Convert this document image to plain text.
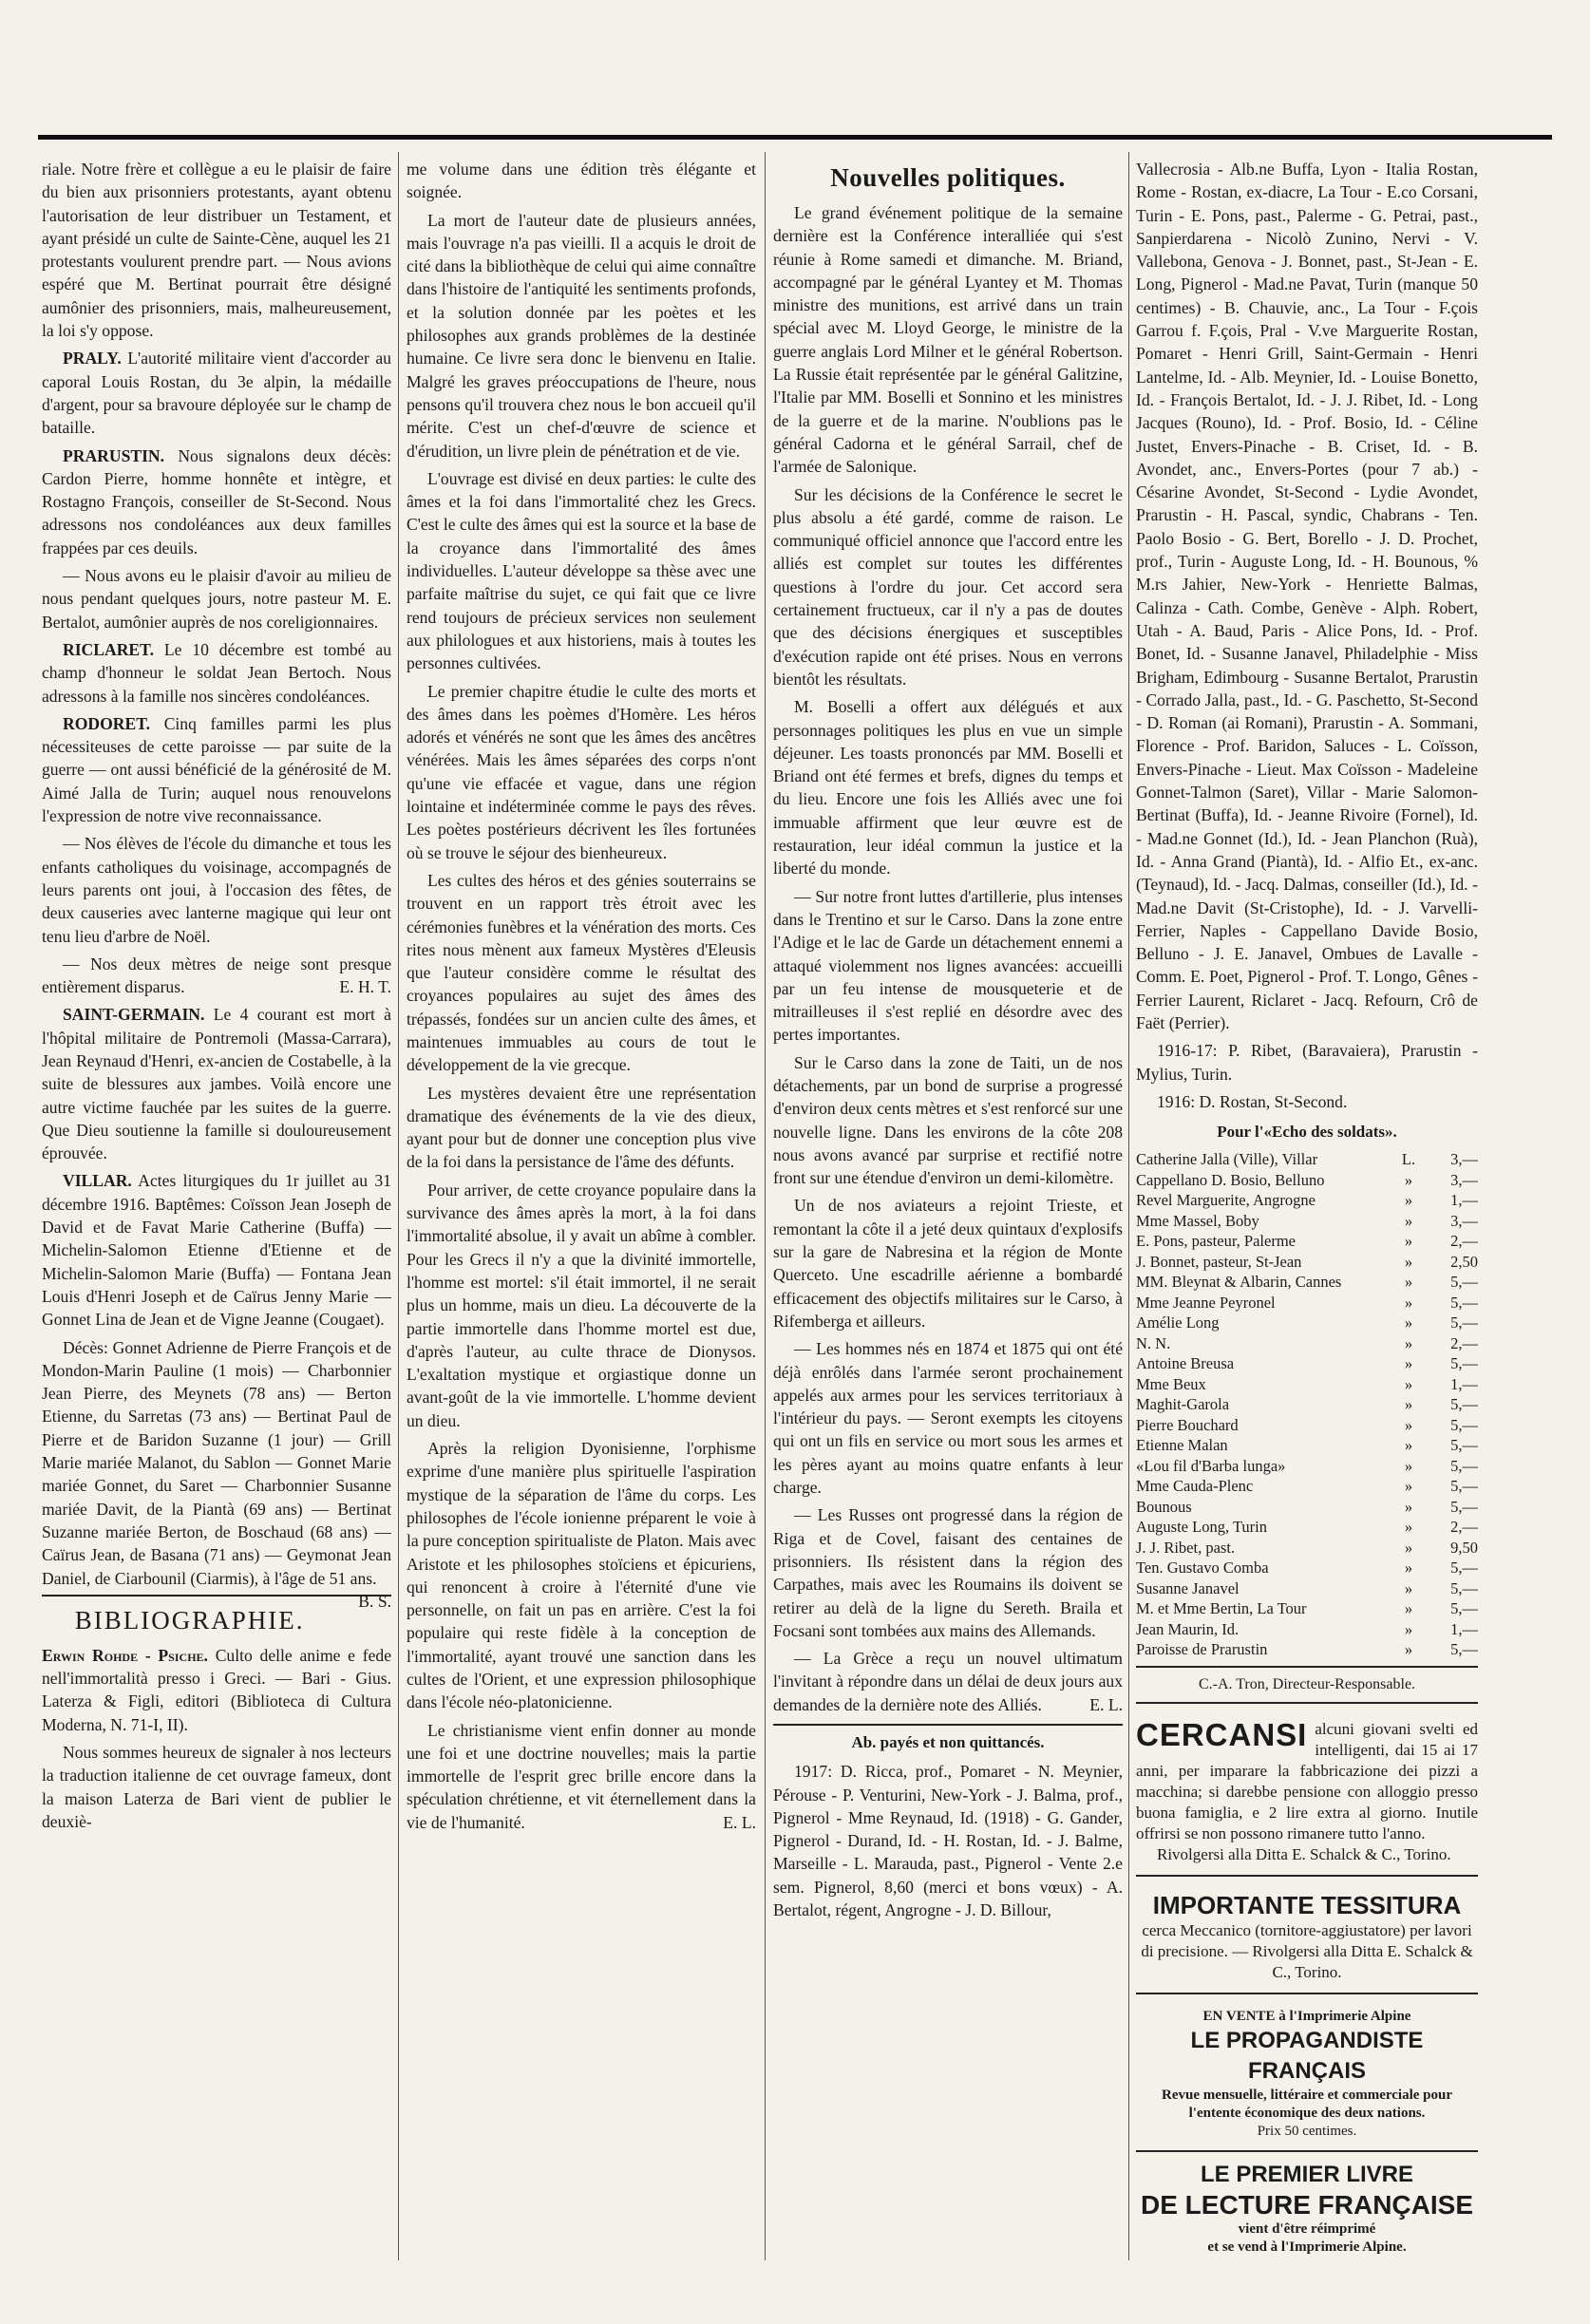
riale. Notre frère et collègue a eu le plaisir de faire du bien aux prisonniers protestants, ayant obtenu l'autorisation de leur distribuer un Testament, et ayant présidé un culte de Sainte-Cène, auquel les 21 protestants voulurent prendre part. — Nous avions espéré que M. Bertinat pourrait être désigné aumônier des prisonniers, mais, malheureusement, la loi s'y oppose.

PRALY. L'autorité militaire vient d'accorder au caporal Louis Rostan, du 3e alpin, la médaille d'argent, pour sa bravoure déployée sur le champ de bataille.

PRARUSTIN. Nous signalons deux décès: Cardon Pierre, homme honnête et intègre, et Rostagno François, conseiller de St-Second. Nous adressons nos condoléances aux deux familles frappées par ces deuils.

— Nous avons eu le plaisir d'avoir au milieu de nous pendant quelques jours, notre pasteur M. E. Bertalot, aumônier auprès de nos coreligionnaires.

RICLARET. Le 10 décembre est tombé au champ d'honneur le soldat Jean Bertoch. Nous adressons à la famille nos sincères condoléances.

RODORET. Cinq familles parmi les plus nécessiteuses de cette paroisse — par suite de la guerre — ont aussi bénéficié de la générosité de M. Aimé Jalla de Turin; auquel nous renouvelons l'expression de notre vive reconnaissance.

— Nos élèves de l'école du dimanche et tous les enfants catholiques du voisinage, accompagnés de leurs parents ont joui, à l'occasion des fêtes, de deux causeries avec lanterne magique qui leur ont tenu lieu d'arbre de Noël.

— Nos deux mètres de neige sont presque entièrement disparus.	E. H. T.

SAINT-GERMAIN. Le 4 courant est mort à l'hôpital militaire de Pontremoli (Massa-Carrara), Jean Reynaud d'Henri, ex-ancien de Costabelle, à la suite de blessures aux jambes. Voilà encore une autre victime fauchée par les suites de la guerre. Que Dieu soutienne la famille si douloureusement éprouvée.

VILLAR. Actes liturgiques du 1r juillet au 31 décembre 1916. Baptêmes: Coïsson Jean Joseph de David et de Favat Marie Catherine (Buffa) — Michelin-Salomon Etienne d'Etienne et de Michelin-Salomon Marie (Buffa) — Fontana Jean Louis d'Henri Joseph et de Caïrus Jenny Marie — Gonnet Lina de Jean et de Vigne Jeanne (Cougaet).

Décès: Gonnet Adrienne de Pierre François et de Mondon-Marin Pauline (1 mois) — Charbonnier Jean Pierre, des Meynets (78 ans) — Berton Etienne, du Sarretas (73 ans) — Bertinat Paul de Pierre et de Baridon Suzanne (1 jour) — Grill Marie mariée Malanot, du Sablon — Gonnet Marie mariée Gonnet, du Saret — Charbonnier Susanne mariée Davit, de la Piantà (69 ans) — Bertinat Suzanne mariée Berton, de Boschaud (68 ans) — Caïrus Jean, de Basana (71 ans) — Geymonat Jean Daniel, de Ciarbounil (Ciarmis), à l'âge de 51 ans.
B. S.

BIBLIOGRAPHIE.

Erwin Rohde - Psiche. Culto delle anime e fede nell'immortalità presso i Greci. — Bari - Gius. Laterza & Figli, editori (Biblioteca di Cultura Moderna, N. 71-I, II).

Nous sommes heureux de signaler à nos lecteurs la traduction italienne de cet ouvrage fameux, dont la maison Laterza de Bari vient de publier le deuxiè-

me volume dans une édition très élégante et soignée.

La mort de l'auteur date de plusieurs années, mais l'ouvrage n'a pas vieilli. Il a acquis le droit de cité dans la bibliothèque de celui qui aime connaître dans l'histoire de l'antiquité les sentiments profonds, et la solution donnée par les poètes et les philosophes aux grands problèmes de la destinée humaine. Ce livre sera donc le bienvenu en Italie. Malgré les graves préoccupations de l'heure, nous pensons qu'il trouvera chez nous le bon accueil qu'il mérite. C'est un chef-d'œuvre de science et d'érudition, un livre plein de pénétration et de vie.

L'ouvrage est divisé en deux parties: le culte des âmes et la foi dans l'immortalité chez les Grecs. C'est le culte des âmes qui est la source et la base de la croyance dans l'immortalité des âmes individuelles. L'auteur développe sa thèse avec une parfaite maîtrise du sujet, ce qui fait que ce livre rend toujours de précieux services non seulement aux philologues et aux historiens, mais à toutes les personnes cultivées.

Le premier chapitre étudie le culte des morts et des âmes dans les poèmes d'Homère. Les héros adorés et vénérés ne sont que les âmes des ancêtres vénérées. Mais les âmes séparées des corps n'ont qu'une vie effacée et vague, dans une région lointaine et indéterminée comme le pays des rêves. Les poètes postérieurs décrivent les îles fortunées où se trouve le séjour des bienheureux.

Les cultes des héros et des génies souterrains se trouvent en un rapport très étroit avec les cérémonies funèbres et la vénération des morts. Ces rites nous mènent aux fameux Mystères d'Eleusis que l'auteur considère comme le résultat des croyances populaires au sujet des âmes des trépassés, fondées sur un ancien culte des âmes, et maintenues immuables au cours de tout le développement de la vie grecque.

Les mystères devaient être une représentation dramatique des événements de la vie des dieux, ayant pour but de donner une conception plus vive de la foi dans la persistance de l'âme des défunts.

Pour arriver, de cette croyance populaire dans la survivance des âmes après la mort, à la foi dans l'immortalité absolue, il y avait un abîme à combler. Pour les Grecs il n'y a que la divinité immortelle, l'homme est mortel: s'il était immortel, il ne serait plus un homme, mais un dieu. La découverte de la partie immortelle dans l'homme mortel est due, d'après l'auteur, au culte thrace de Dionysos. L'exaltation mystique et orgiastique donne un avant-goût de la vie immortelle. L'homme devient un dieu.

Après la religion Dyonisienne, l'orphisme exprime d'une manière plus spirituelle l'aspiration mystique de la séparation de l'âme du corps. Les philosophes de l'école ionienne préparent le voie à la pure conception spiritualiste de Platon. Mais avec Aristote et les philosophes stoïciens et épicuriens, qui renoncent à croire à l'éternité d'une vie personnelle, on fait un pas en arrière. C'est la foi populaire qui reste fidèle à la conception de l'immortalité, ayant trouvé une sanction dans les cultes de l'Orient, et une expression philosophique dans l'école néo-platonicienne.

Le christianisme vient enfin donner au monde une foi et une doctrine nouvelles; mais la partie immortelle de l'esprit grec brille encore dans la spéculation chrétienne, et vit éternellement dans la vie de l'humanité.	E. L.

Nouvelles politiques.

Le grand événement politique de la semaine dernière est la Conférence interalliée qui s'est réunie à Rome samedi et dimanche. M. Briand, accompagné par le général Lyantey et M. Thomas ministre des munitions, est arrivé dans un train spécial avec M. Lloyd George, le ministre de la guerre anglais Lord Milner et le général Robertson. La Russie était représentée par le général Galitzine, l'Italie par MM. Boselli et Sonnino et les ministres de la guerre et de la marine. N'oublions pas le général Cadorna et le général Sarrail, chef de l'armée de Salonique.

Sur les décisions de la Conférence le secret le plus absolu a été gardé, comme de raison. Le communiqué officiel annonce que l'accord entre les alliés est complet sur toutes les différentes questions à l'ordre du jour. Cet accord sera certainement fructueux, car il n'y a pas de doutes que des décisions énergiques et susceptibles d'exécution rapide ont été prises. Nous en verrons bientôt les résultats.

M. Boselli a offert aux délégués et aux personnages politiques les plus en vue un simple déjeuner. Les toasts prononcés par MM. Boselli et Briand ont été fermes et brefs, dignes du temps et du lieu. Encore une fois les Alliés avec une foi immuable affirment que leur œuvre est de restauration, leur idéal commun la justice et la liberté du monde.

— Sur notre front luttes d'artillerie, plus intenses dans le Trentino et sur le Carso. Dans la zone entre l'Adige et le lac de Garde un détachement ennemi a attaqué violemment nos lignes avancées: accueilli par un feu intense de mousqueterie et de mitrailleuses il s'est replié en désordre avec des pertes importantes.

Sur le Carso dans la zone de Taiti, un de nos détachements, par un bond de surprise a progressé d'environ deux cents mètres et s'est renforcé sur une nouvelle ligne. Dans les environs de la côte 208 nous avons avancé par surprise et rectifié notre front sur une étendue d'environ un demi-kilomètre.

Un de nos aviateurs a rejoint Trieste, et remontant la côte il a jeté deux quintaux d'explosifs sur la gare de Nabresina et la région de Monte Querceto. Une escadrille aérienne a bombardé efficacement des objectifs militaires sur le Carso, à Rifemberga et ailleurs.

— Les hommes nés en 1874 et 1875 qui ont été déjà enrôlés dans l'armée seront prochainement appelés aux armes pour les services territoriaux à l'intérieur du pays. — Seront exempts les citoyens qui ont un fils en service ou mort sous les armes et les pères ayant au moins quatre enfants à leur charge.

— Les Russes ont progressé dans la région de Riga et de Covel, faisant des centaines de prisonniers. Ils résistent dans la région des Carpathes, mais avec les Roumains ils doivent se retirer au delà de la ligne du Sereth. Braila et Focsani sont tombées aux mains des Allemands.

— La Grèce a reçu un nouvel ultimatum l'invitant à répondre dans un délai de deux jours aux demandes de la dernière note des Alliés.	E. L.

Ab. payés et non quittancés.

1917: D. Ricca, prof., Pomaret - N. Meynier, Pérouse - P. Venturini, New-York - J. Balma, prof., Pignerol - Mme Reynaud, Id. (1918) - G. Gander, Pignerol - Durand, Id. - H. Rostan, Id. - J. Balme, Marseille - L. Marauda, past., Pignerol - Vente 2.e sem. Pignerol, 8,60 (merci et bons vœux) - A. Bertalot, régent, Angrogne - J. D. Billour,

Vallecrosia - Alb.ne Buffa, Lyon - Italia Rostan, Rome - Rostan, ex-diacre, La Tour - E.co Corsani, Turin - E. Pons, past., Palerme - G. Petrai, past., Sanpierdarena - Nicolò Zunino, Nervi - V. Vallebona, Genova - J. Bonnet, past., St-Jean - E. Long, Pignerol - Mad.ne Pavat, Turin (manque 50 centimes) - B. Chauvie, anc., La Tour - F.çois Garrou f. F.çois, Pral - V.ve Marguerite Rostan, Pomaret - Henri Grill, Saint-Germain - Henri Lantelme, Id. - Alb. Meynier, Id. - Louise Bonetto, Id. - François Bertalot, Id. - J. J. Ribet, Id. - Long Jacques (Rouno), Id. - Prof. Bosio, Id. - Céline Justet, Envers-Pinache - B. Criset, Id. - B. Avondet, anc., Envers-Portes (pour 7 ab.) - Césarine Avondet, St-Second - Lydie Avondet, Prarustin - H. Pascal, syndic, Chabrans - Ten. Paolo Bosio - G. Bert, Borello - J. D. Prochet, prof., Turin - Auguste Long, Id. - H. Bounous, % M.rs Jahier, New-York - Henriette Balmas, Calinza - Cath. Combe, Genève - Alph. Robert, Utah - A. Baud, Paris - Alice Pons, Id. - Prof. Bonet, Id. - Susanne Janavel, Philadelphie - Miss Brigham, Edimbourg - Susanne Bertalot, Prarustin - Corrado Jalla, past., Id. - G. Paschetto, St-Second - D. Roman (ai Romani), Prarustin - A. Sommani, Florence - Prof. Baridon, Saluces - L. Coïsson, Envers-Pinache - Lieut. Max Coïsson - Madeleine Gonnet-Talmon (Saret), Villar - Marie Salomon-Bertinat (Buffa), Id. - Jeanne Rivoire (Fornel), Id. - Mad.ne Gonnet (Id.), Id. - Jean Planchon (Ruà), Id. - Anna Grand (Piantà), Id. - Alfio Et., ex-anc. (Teynaud), Id. - Jacq. Dalmas, conseiller (Id.), Id. - Mad.ne Davit (St-Cristophe), Id. - J. Varvelli-Ferrier, Naples - Cappellano Davide Bosio, Belluno - J. E. Janavel, Ombues de Lavalle - Comm. E. Poet, Pignerol - Prof. T. Longo, Gênes - Ferrier Laurent, Riclaret - Jacq. Refourn, Crô de Faët (Perrier).

1916-17: P. Ribet, (Baravaiera), Prarustin - Mylius, Turin.

1916: D. Rostan, St-Second.

Pour l'«Echo des soldats».
Catherine Jalla (Ville), Villar	L.	3,—
Cappellano D. Bosio, Belluno	»	3,—
Revel Marguerite, Angrogne	»	1,—
Mme Massel, Boby	»	3,—
E. Pons, pasteur, Palerme	»	2,—
J. Bonnet, pasteur, St-Jean	»	2,50
MM. Bleynat & Albarin, Cannes	»	5,—
Mme Jeanne Peyronel	»	5,—
Amélie Long	»	5,—
N. N.	»	2,—
Antoine Breusa	»	5,—
Mme Beux	»	1,—
Maghit-Garola	»	5,—
Pierre Bouchard	»	5,—
Etienne Malan	»	5,—
«Lou fil d'Barba lunga»	»	5,—
Mme Cauda-Plenc	»	5,—
Bounous	»	5,—
Auguste Long, Turin	»	2,—
J. J. Ribet, past.	»	9,50
Ten. Gustavo Comba	»	5,—
Susanne Janavel	»	5,—
M. et Mme Bertin, La Tour	»	5,—
Jean Maurin, Id.	»	1,—
Paroisse de Prarustin	»	5,—
C.-A. Tron, Directeur-Responsable.
CERCANSI alcuni giovani svelti ed intelligenti, dai 15 ai 17 anni, per imparare la fabbricazione dei pizzi a macchina; si darebbe pensione con alloggio presso buona famiglia, e 2 lire extra al giorno. Inutile offrirsi se non possono rimanere tutto l'anno.
Rivolgersi alla Ditta E. Schalck & C., Torino.
IMPORTANTE TESSITURA
cerca Meccanico (tornitore-aggiustatore) per lavori di precisione. — Rivolgersi alla Ditta E. Schalck & C., Torino.
EN VENTE à l'Imprimerie Alpine
LE PROPAGANDISTE FRANÇAIS
Revue mensuelle, littéraire et commerciale pour l'entente économique des deux nations.
Prix 50 centimes.
LE PREMIER LIVRE
DE LECTURE FRANÇAISE
vient d'être réimprimé
et se vend à l'Imprimerie Alpine.
